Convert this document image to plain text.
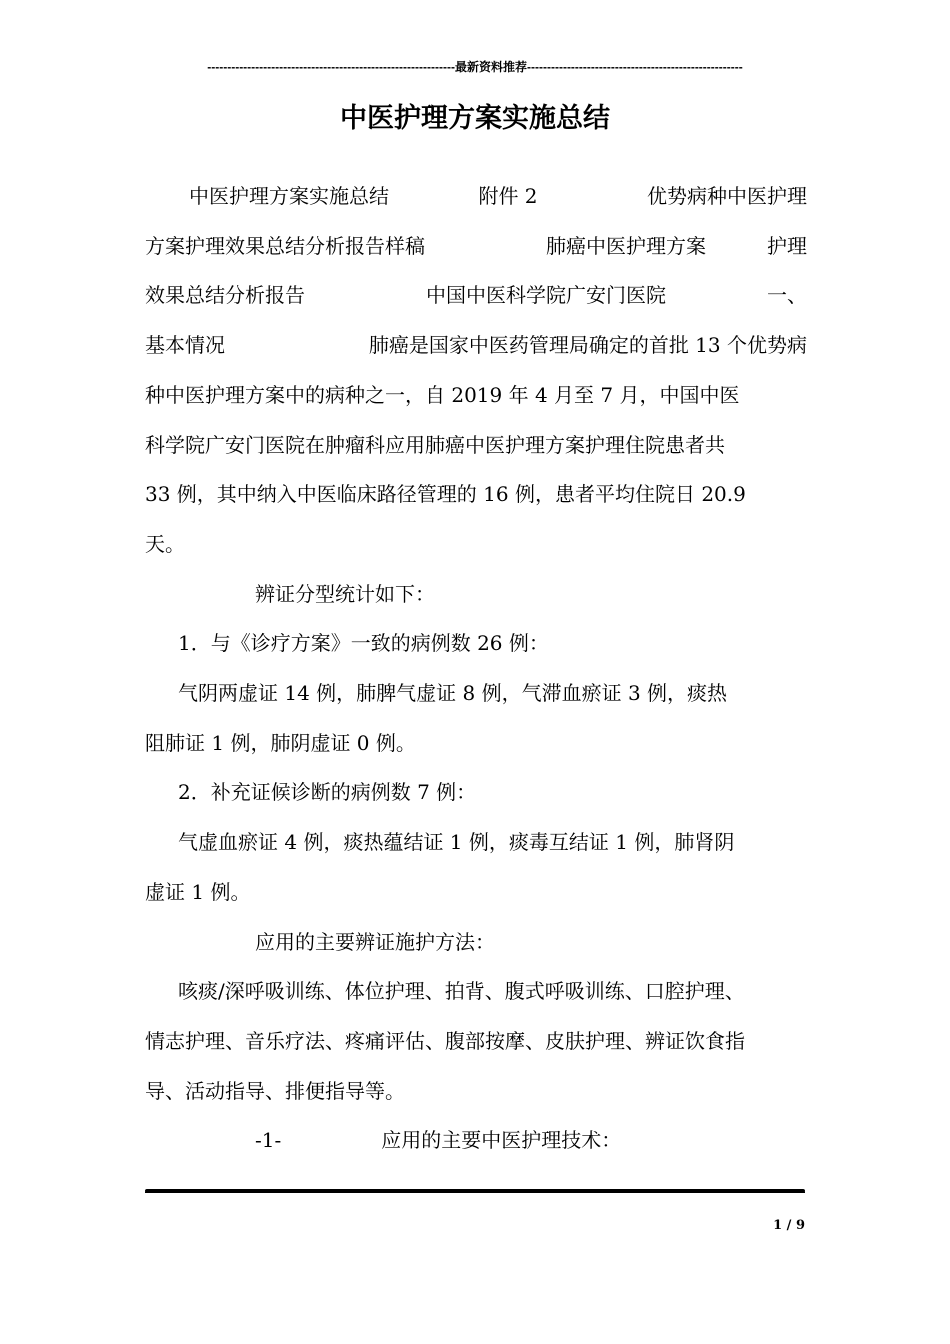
--------------------------------------------------------------最新资料推荐------------------------------------------------------
中医护理方案实施总结

中医护理方案实施总结	附件 2	优势病种中医护理

方案护理效果总结分析报告样稿	肺癌中医护理方案	护理

效果总结分析报告	中国中医科学院广安门医院	一、

基本情况	肺癌是国家中医药管理局确定的首批 13 个优势病

种中医护理方案中的病种之一，自 2019 年 4 月至 7 月，中国中医

科学院广安门医院在肿瘤科应用肺癌中医护理方案护理住院患者共

33 例，其中纳入中医临床路径管理的 16 例，患者平均住院日 20.9

天。

辨证分型统计如下：

1．与《诊疗方案》一致的病例数 26 例：

气阴两虚证 14 例，肺脾气虚证 8 例，气滞血瘀证 3 例，痰热

阻肺证 1 例，肺阴虚证 0 例。

2．补充证候诊断的病例数 7 例：

气虚血瘀证 4 例，痰热蕴结证 1 例，痰毒互结证 1 例，肺肾阴

虚证 1 例。

应用的主要辨证施护方法：

咳痰/深呼吸训练、体位护理、拍背、腹式呼吸训练、口腔护理、

情志护理、音乐疗法、疼痛评估、腹部按摩、皮肤护理、辨证饮食指

导、活动指导、排便指导等。

-1-	应用的主要中医护理技术：

1 / 9
